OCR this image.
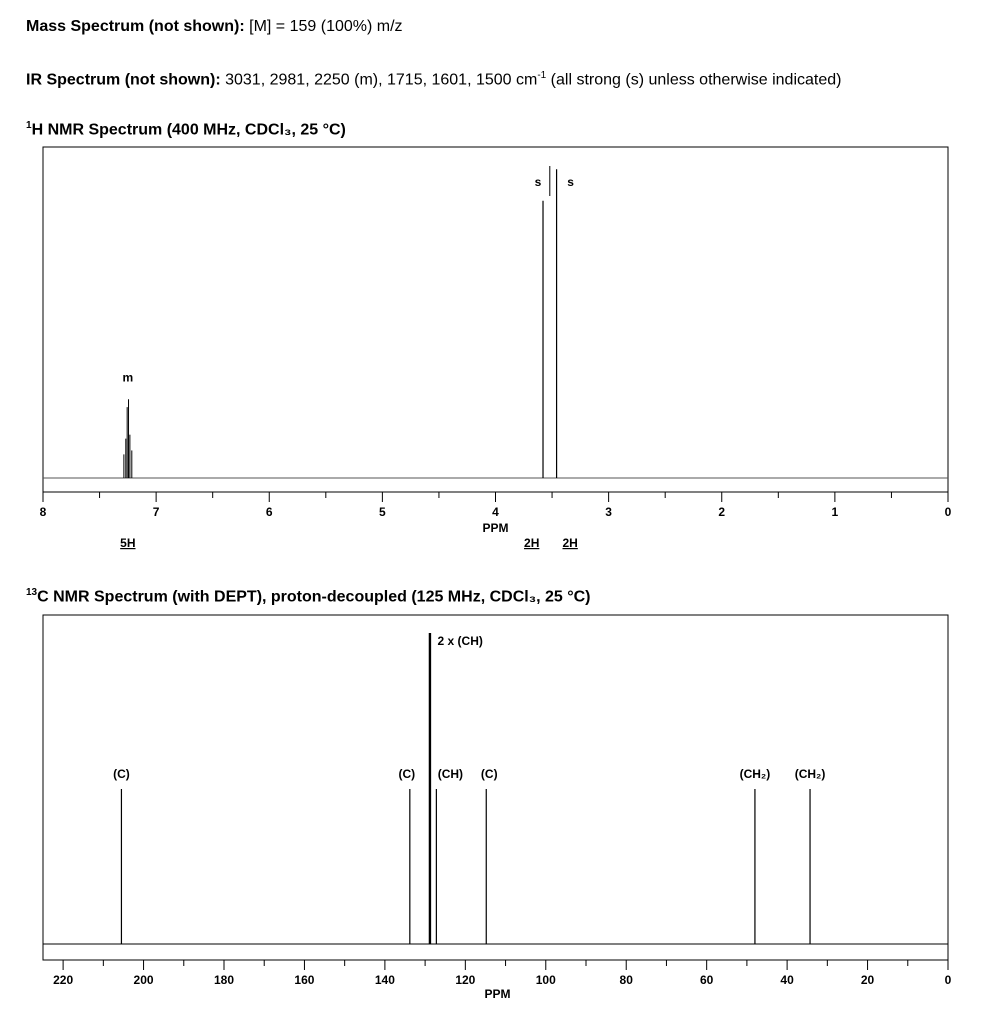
Mass Spectrum (not shown): [M] = 159 (100%) m/z
IR Spectrum (not shown): 3031, 2981, 2250 (m), 1715, 1601, 1500 $cm^{-1}$ (all strong (s) unless otherwise indicated)
$^1$H NMR Spectrum (400 MHz, CDCl₃, 25 °C)
$^{13}$C NMR Spectrum (with DEPT), proton-decoupled (125 MHz, CDCl₃, 25 °C)
m
s s
8	7	6	5	4	3	2	1	0
PPM
5H	2H 2H
(C)	(C)
2 x (CH)
(CH) (C)	(CH₂) (CH₂)
220	200	180	160	140	120	100	80	60	40	20	0
PPM
